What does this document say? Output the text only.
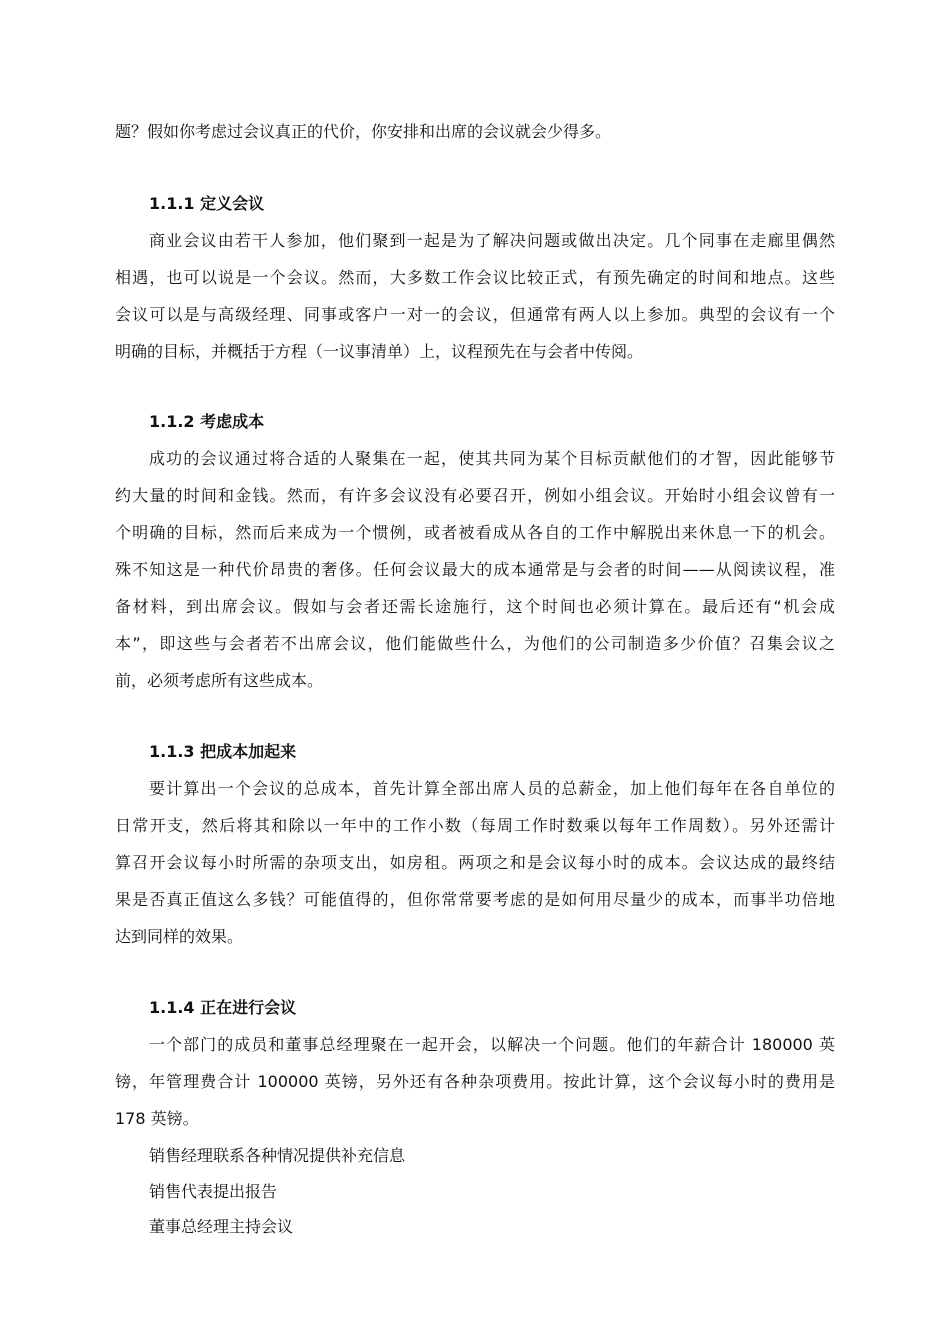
题？假如你考虑过会议真正的代价，你安排和出席的会议就会少得多。
1.1.1 定义会议
商业会议由若干人参加，他们聚到一起是为了解决问题或做出决定。几个同事在走廊里偶然
相遇，也可以说是一个会议。然而，大多数工作会议比较正式，有预先确定的时间和地点。这些
会议可以是与高级经理、同事或客户一对一的会议，但通常有两人以上参加。典型的会议有一个
明确的目标，并概括于方程（一议事清单）上，议程预先在与会者中传阅。
1.1.2 考虑成本
成功的会议通过将合适的人聚集在一起，使其共同为某个目标贡献他们的才智，因此能够节
约大量的时间和金钱。然而，有许多会议没有必要召开，例如小组会议。开始时小组会议曾有一
个明确的目标，然而后来成为一个惯例，或者被看成从各自的工作中解脱出来休息一下的机会。
殊不知这是一种代价昂贵的奢侈。任何会议最大的成本通常是与会者的时间——从阅读议程，准
备材料，到出席会议。假如与会者还需长途施行，这个时间也必须计算在。最后还有“机会成
本”，即这些与会者若不出席会议，他们能做些什么，为他们的公司制造多少价值？召集会议之
前，必须考虑所有这些成本。
1.1.3 把成本加起来
要计算出一个会议的总成本，首先计算全部出席人员的总薪金，加上他们每年在各自单位的
日常开支，然后将其和除以一年中的工作小数（每周工作时数乘以每年工作周数）。另外还需计
算召开会议每小时所需的杂项支出，如房租。两项之和是会议每小时的成本。会议达成的最终结
果是否真正值这么多钱？可能值得的，但你常常要考虑的是如何用尽量少的成本，而事半功倍地
达到同样的效果。
1.1.4 正在进行会议
一个部门的成员和董事总经理聚在一起开会，以解决一个问题。他们的年薪合计 180000 英
镑，年管理费合计 100000 英镑，另外还有各种杂项费用。按此计算，这个会议每小时的费用是
178 英镑。
销售经理联系各种情况提供补充信息
销售代表提出报告
董事总经理主持会议
